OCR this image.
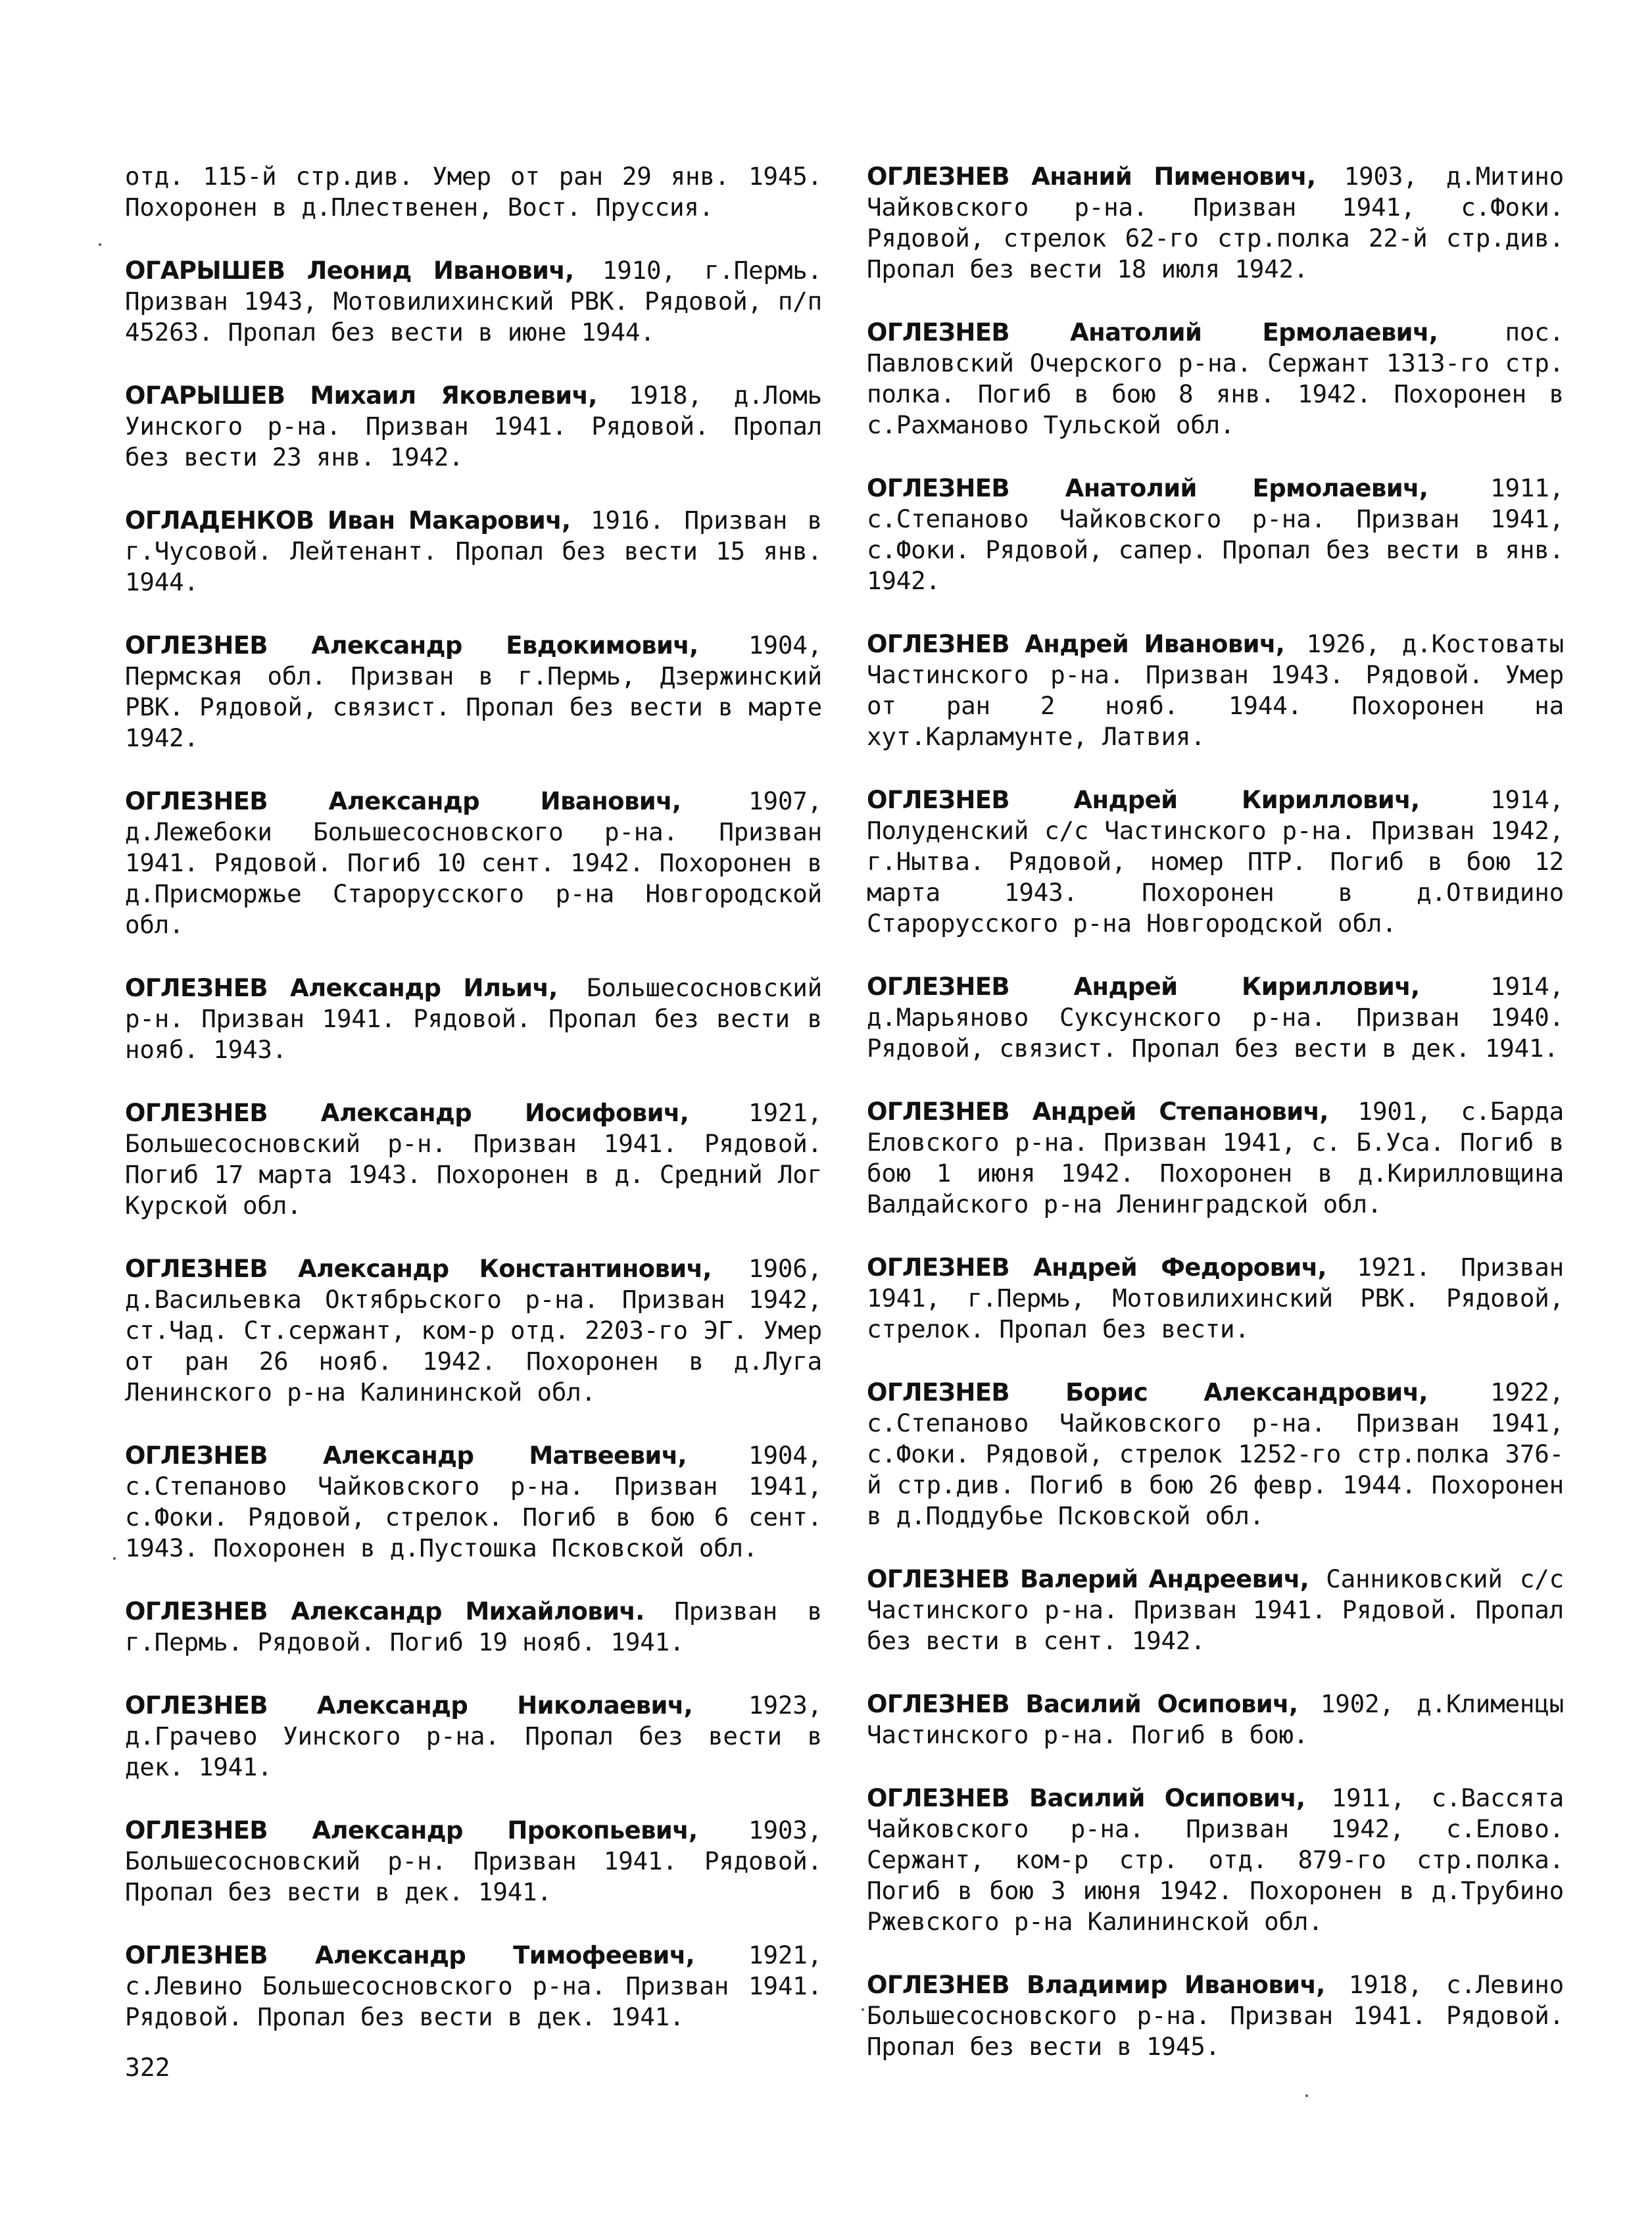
отд. 115-й стр.див. Умер от ран 29 янв. 1945. Похоронен в д.Плественен, Вост. Пруссия.

ОГАРЫШЕВ Леонид Иванович, 1910, г.Пермь. Призван 1943, Мотовилихинский РВК. Рядовой, п/п 45263. Пропал без вести в июне 1944.

ОГАРЫШЕВ Михаил Яковлевич, 1918, д.Ломь Уинского р-на. Призван 1941. Рядовой. Пропал без вести 23 янв. 1942.

ОГЛАДЕНКОВ Иван Макарович, 1916. Призван в г.Чусовой. Лейтенант. Пропал без вести 15 янв. 1944.

ОГЛЕЗНЕВ Александр Евдокимович, 1904, Пермская обл. Призван в г.Пермь, Дзержинский РВК. Рядовой, связист. Пропал без вести в марте 1942.

ОГЛЕЗНЕВ Александр Иванович, 1907, д.Лежебоки Большесосновского р-на. Призван 1941. Рядовой. Погиб 10 сент. 1942. Похоронен в д.Присморжье Старорусского р-на Новгородской обл.

ОГЛЕЗНЕВ Александр Ильич, Большесосновский р-н. Призван 1941. Рядовой. Пропал без вести в нояб. 1943.

ОГЛЕЗНЕВ Александр Иосифович, 1921, Большесосновский р-н. Призван 1941. Рядовой. Погиб 17 марта 1943. Похоронен в д. Средний Лог Курской обл.

ОГЛЕЗНЕВ Александр Константинович, 1906, д.Васильевка Октябрьского р-на. Призван 1942, ст.Чад. Ст.сержант, ком-р отд. 2203-го ЭГ. Умер от ран 26 нояб. 1942. Похоронен в д.Луга Ленинского р-на Калининской обл.

ОГЛЕЗНЕВ Александр Матвеевич, 1904, с.Степаново Чайковского р-на. Призван 1941, с.Фоки. Рядовой, стрелок. Погиб в бою 6 сент. 1943. Похоронен в д.Пустошка Псковской обл.

ОГЛЕЗНЕВ Александр Михайлович. Призван в г.Пермь. Рядовой. Погиб 19 нояб. 1941.

ОГЛЕЗНЕВ Александр Николаевич, 1923, д.Грачево Уинского р-на. Пропал без вести в дек. 1941.

ОГЛЕЗНЕВ Александр Прокопьевич, 1903, Большесосновский р-н. Призван 1941. Рядовой. Пропал без вести в дек. 1941.

ОГЛЕЗНЕВ Александр Тимофеевич, 1921, с.Левино Большесосновского р-на. Призван 1941. Рядовой. Пропал без вести в дек. 1941.

ОГЛЕЗНЕВ Ананий Пименович, 1903, д.Митино Чайковского р-на. Призван 1941, с.Фоки. Рядовой, стрелок 62-го стр.полка 22-й стр.див. Пропал без вести 18 июля 1942.

ОГЛЕЗНЕВ Анатолий Ермолаевич, пос. Павловский Очерского р-на. Сержант 1313-го стр. полка. Погиб в бою 8 янв. 1942. Похоронен в с.Рахманово Тульской обл.

ОГЛЕЗНЕВ Анатолий Ермолаевич, 1911, с.Степаново Чайковского р-на. Призван 1941, с.Фоки. Рядовой, сапер. Пропал без вести в янв. 1942.

ОГЛЕЗНЕВ Андрей Иванович, 1926, д.Костоваты Частинского р-на. Призван 1943. Рядовой. Умер от ран 2 нояб. 1944. Похоронен на хут.Карламунте, Латвия.

ОГЛЕЗНЕВ Андрей Кириллович, 1914, Полуденский с/с Частинского р-на. Призван 1942, г.Нытва. Рядовой, номер ПТР. Погиб в бою 12 марта 1943. Похоронен в д.Отвидино Старорусского р-на Новгородской обл.

ОГЛЕЗНЕВ Андрей Кириллович, 1914, д.Марьяново Суксунского р-на. Призван 1940. Рядовой, связист. Пропал без вести в дек. 1941.

ОГЛЕЗНЕВ Андрей Степанович, 1901, с.Барда Еловского р-на. Призван 1941, с. Б.Уса. Погиб в бою 1 июня 1942. Похоронен в д.Кирилловщина Валдайского р-на Ленинградской обл.

ОГЛЕЗНЕВ Андрей Федорович, 1921. Призван 1941, г.Пермь, Мотовилихинский РВК. Рядовой, стрелок. Пропал без вести.

ОГЛЕЗНЕВ Борис Александрович, 1922, с.Степаново Чайковского р-на. Призван 1941, с.Фоки. Рядовой, стрелок 1252-го стр.полка 376-й стр.див. Погиб в бою 26 февр. 1944. Похоронен в д.Поддубье Псковской обл.

ОГЛЕЗНЕВ Валерий Андреевич, Санниковский с/с Частинского р-на. Призван 1941. Рядовой. Пропал без вести в сент. 1942.

ОГЛЕЗНЕВ Василий Осипович, 1902, д.Клименцы Частинского р-на. Погиб в бою.

ОГЛЕЗНЕВ Василий Осипович, 1911, с.Вассята Чайковского р-на. Призван 1942, с.Елово. Сержант, ком-р стр. отд. 879-го стр.полка. Погиб в бою 3 июня 1942. Похоронен в д.Трубино Ржевского р-на Калининской обл.

ОГЛЕЗНЕВ Владимир Иванович, 1918, с.Левино Большесосновского р-на. Призван 1941. Рядовой. Пропал без вести в 1945.

322
